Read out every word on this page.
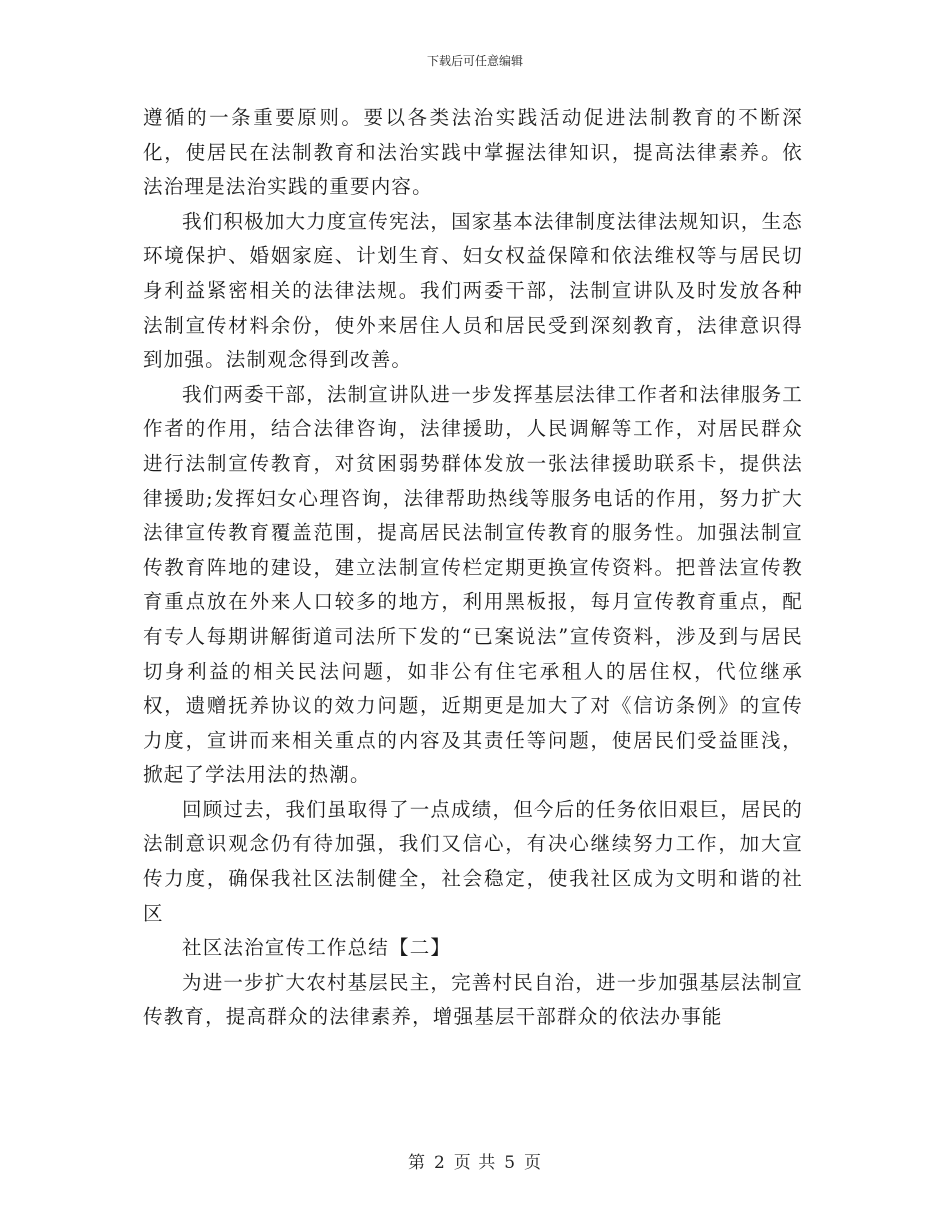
下载后可任意编辑

遵循的一条重要原则。要以各类法治实践活动促进法制教育的不断深化，使居民在法制教育和法治实践中掌握法律知识，提高法律素养。依法治理是法治实践的重要内容。

我们积极加大力度宣传宪法，国家基本法律制度法律法规知识，生态环境保护、婚姻家庭、计划生育、妇女权益保障和依法维权等与居民切身利益紧密相关的法律法规。我们两委干部，法制宣讲队及时发放各种法制宣传材料余份，使外来居住人员和居民受到深刻教育，法律意识得到加强。法制观念得到改善。

我们两委干部，法制宣讲队进一步发挥基层法律工作者和法律服务工作者的作用，结合法律咨询，法律援助，人民调解等工作，对居民群众进行法制宣传教育，对贫困弱势群体发放一张法律援助联系卡，提供法律援助;发挥妇女心理咨询，法律帮助热线等服务电话的作用，努力扩大法律宣传教育覆盖范围，提高居民法制宣传教育的服务性。加强法制宣传教育阵地的建设，建立法制宣传栏定期更换宣传资料。把普法宣传教育重点放在外来人口较多的地方，利用黑板报，每月宣传教育重点，配有专人每期讲解街道司法所下发的“已案说法”宣传资料，涉及到与居民切身利益的相关民法问题，如非公有住宅承租人的居住权，代位继承权，遗赠抚养协议的效力问题，近期更是加大了对《信访条例》的宣传力度，宣讲而来相关重点的内容及其责任等问题，使居民们受益匪浅，掀起了学法用法的热潮。

回顾过去，我们虽取得了一点成绩，但今后的任务依旧艰巨，居民的法制意识观念仍有待加强，我们又信心，有决心继续努力工作，加大宣传力度，确保我社区法制健全，社会稳定，使我社区成为文明和谐的社区

社区法治宣传工作总结【二】

为进一步扩大农村基层民主，完善村民自治，进一步加强基层法制宣传教育，提高群众的法律素养，增强基层干部群众的依法办事能

第 2 页 共 5 页
